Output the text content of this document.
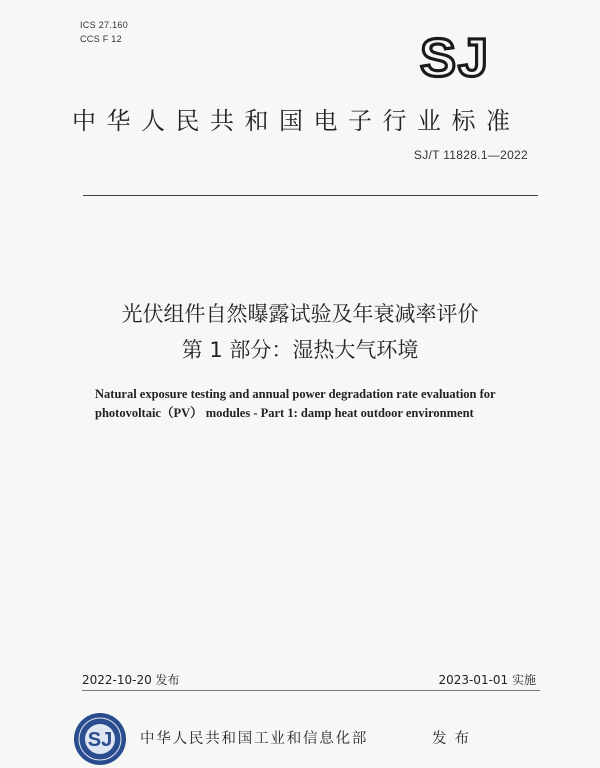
ICS 27.160
CCS F 12	SJ
中华人民共和国电子行业标准
SJ/T 11828.1—2022
光伏组件自然曝露试验及年衰减率评价
第 1 部分：湿热大气环境
Natural exposure testing and annual power degradation rate evaluation for
photovoltaic（PV） modules - Part 1: damp heat outdoor environment
2022-10-20 发布	2023-01-01 实施
SJ 中华人民共和国工业和信息化部	发布
